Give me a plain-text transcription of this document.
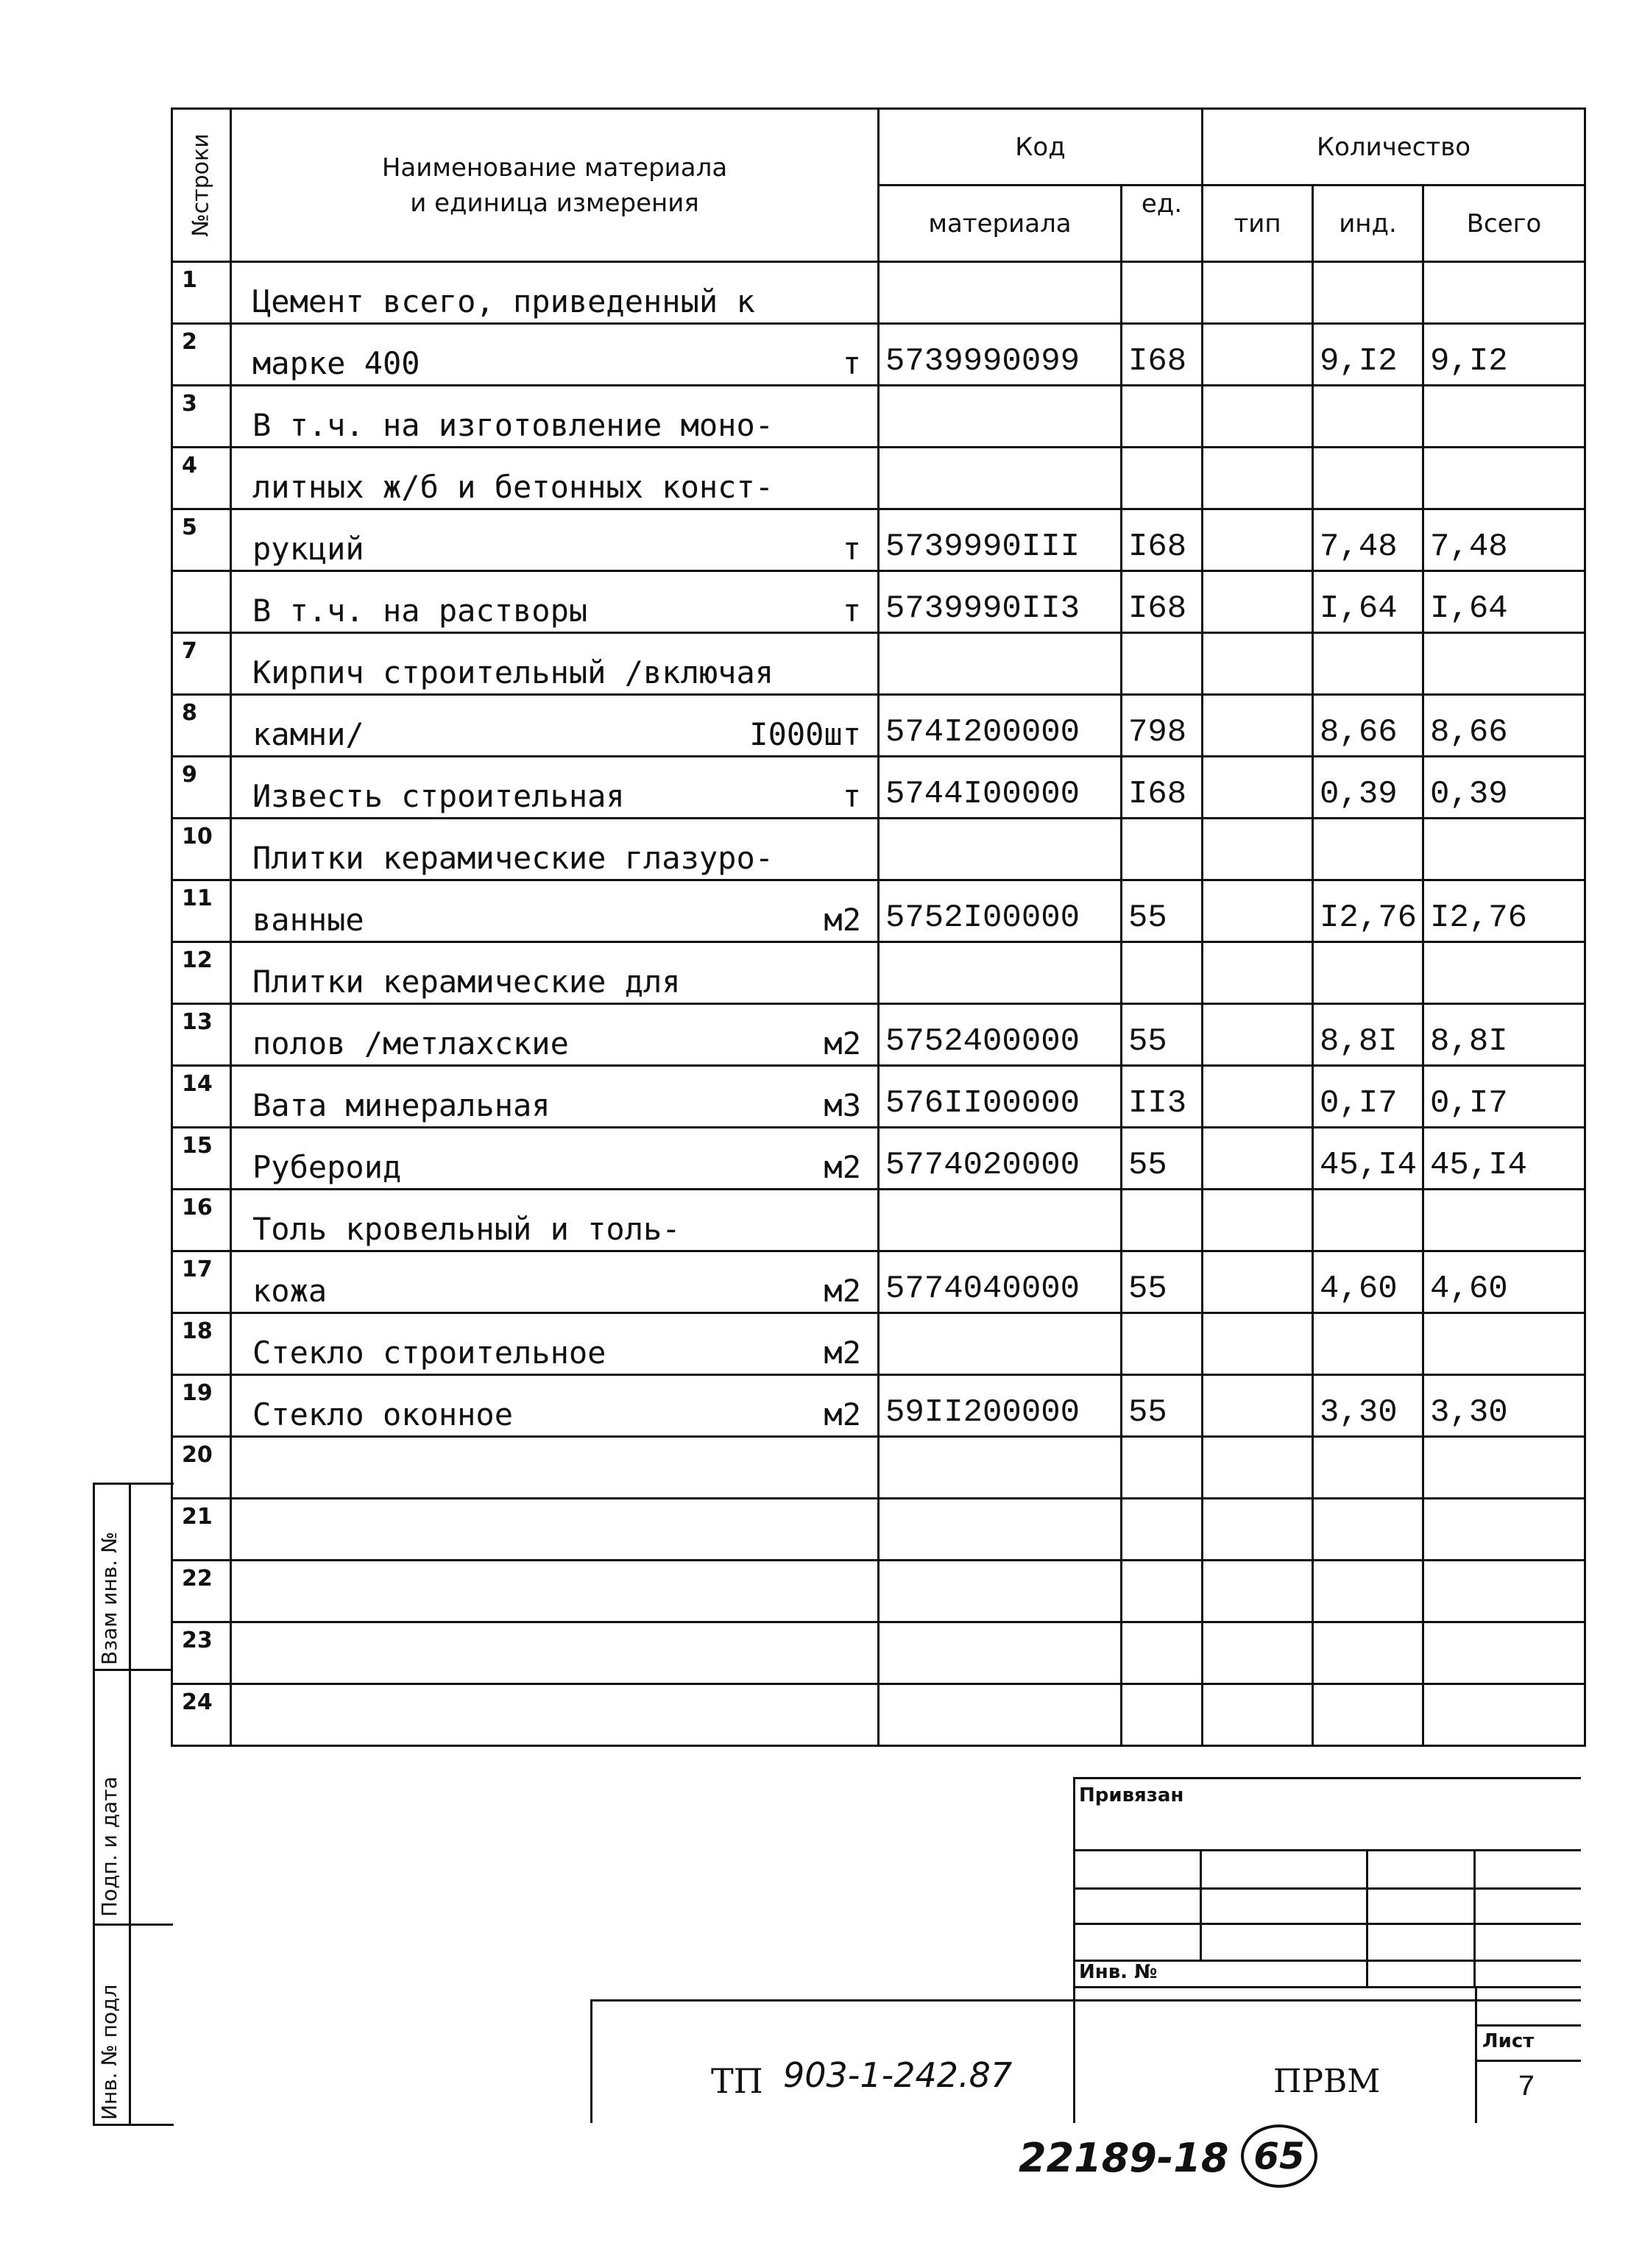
№строки	Наименование материала
и единица измерения	Код		Количество		
		материала	ед.	тип	инд.	Всего
1	Цемент всего, приведенный к					

2	марке 400 т	5739990099	I68		9,I2	9,I2
3	В т.ч. на изготовление моно-					

4	литных ж/б и бетонных конст-					

5	рукций т	5739990III	I68		7,48	7,48

	В т.ч. на растворы т	5739990II3	I68		I,64	I,64
7	Кирпич строительный /включая					

8	камни/ I000шт	574I200000	798		8,66	8,66
9	Известь строительная т	5744I00000	I68		0,39	0,39
10	Плитки керамические глазуро-					

11	ванные м2	5752I00000	55		I2,76	I2,76
12	Плитки керамические для					

13	полов /метлахские м2	5752400000	55		8,8I	8,8I
14	Вата минеральная м3	576II00000	II3		0,I7	0,I7
15	Рубероид м2	5774020000	55		45,I4	45,I4
16	Толь кровельный и толь-					

17	кожа м2	5774040000	55		4,60	4,60
18	Стекло строительное м2					

19	Стекло оконное м2	59II200000	55		3,30	3,30
20	

21	

22	

23	

24	

Взам инв. №
Подп. и дата
Инв. № подл
Привязан
Инв. №
Лист
7
ТП 903-1-242.87	ПРВМ
22189-18 65
